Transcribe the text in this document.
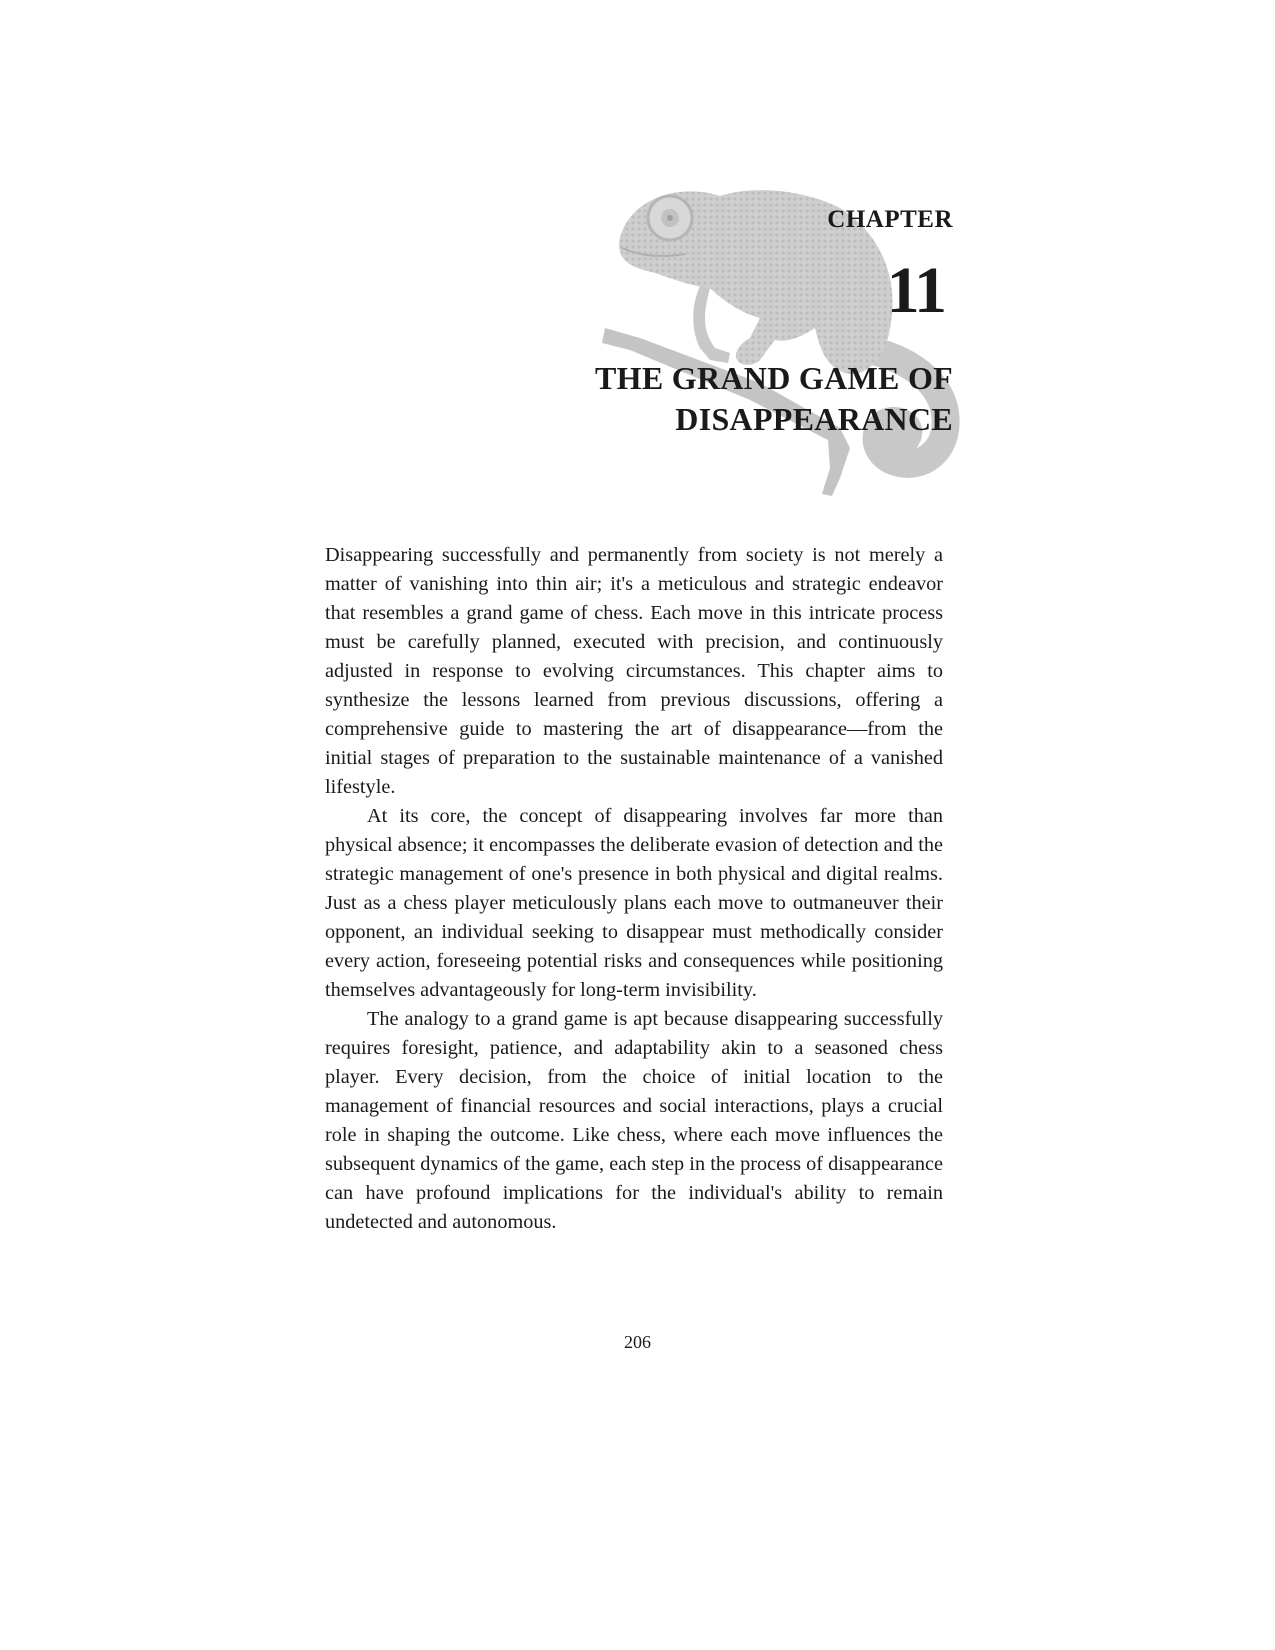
CHAPTER
11
THE GRAND GAME OF
DISAPPEARANCE

Disappearing successfully and permanently from society is not merely a matter of vanishing into thin air; it's a meticulous and strategic endeavor that resembles a grand game of chess. Each move in this intricate process must be carefully planned, executed with precision, and continuously adjusted in response to evolving circumstances. This chapter aims to synthesize the lessons learned from previous discussions, offering a comprehensive guide to mastering the art of disappearance—from the initial stages of preparation to the sustainable maintenance of a vanished lifestyle.

At its core, the concept of disappearing involves far more than physical absence; it encompasses the deliberate evasion of detection and the strategic management of one's presence in both physical and digital realms. Just as a chess player meticulously plans each move to outmaneuver their opponent, an individual seeking to disappear must methodically consider every action, foreseeing potential risks and consequences while positioning themselves advantageously for long-term invisibility.

The analogy to a grand game is apt because disappearing successfully requires foresight, patience, and adaptability akin to a seasoned chess player. Every decision, from the choice of initial location to the management of financial resources and social interactions, plays a crucial role in shaping the outcome. Like chess, where each move influences the subsequent dynamics of the game, each step in the process of disappearance can have profound implications for the individual's ability to remain undetected and autonomous.

206
